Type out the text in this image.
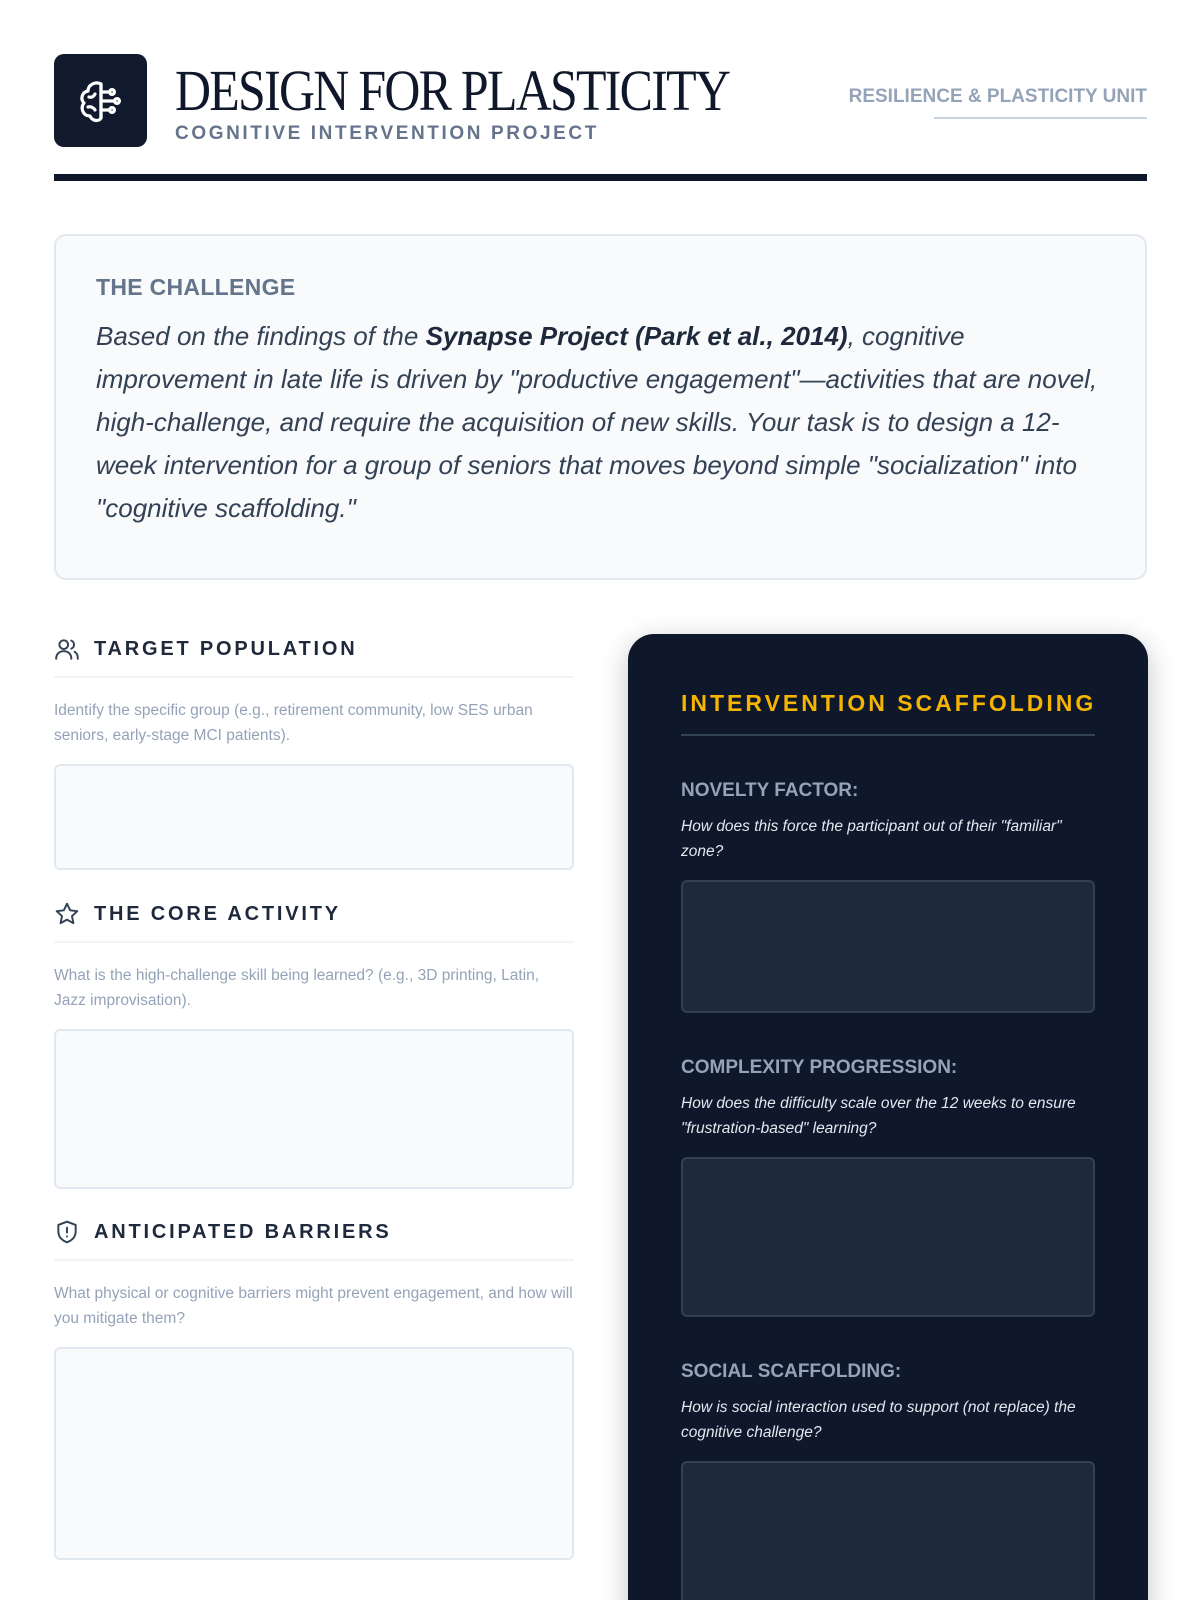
DESIGN FOR PLASTICITY
COGNITIVE INTERVENTION PROJECT
RESILIENCE & PLASTICITY UNIT
THE CHALLENGE

Based on the findings of the Synapse Project (Park et al., 2014), cognitive improvement in late life is driven by "productive engagement"—activities that are novel, high-challenge, and require the acquisition of new skills. Your task is to design a 12-week intervention for a group of seniors that moves beyond simple "socialization" into "cognitive scaffolding."

TARGET POPULATION
Identify the specific group (e.g., retirement community, low SES urban seniors, early-stage MCI patients).
THE CORE ACTIVITY
What is the high-challenge skill being learned? (e.g., 3D printing, Latin, Jazz improvisation).
ANTICIPATED BARRIERS
What physical or cognitive barriers might prevent engagement, and how will you mitigate them?
INTERVENTION SCAFFOLDING
NOVELTY FACTOR:
How does this force the participant out of their "familiar" zone?
COMPLEXITY PROGRESSION:
How does the difficulty scale over the 12 weeks to ensure "frustration-based" learning?
SOCIAL SCAFFOLDING:
How is social interaction used to support (not replace) the cognitive challenge?
